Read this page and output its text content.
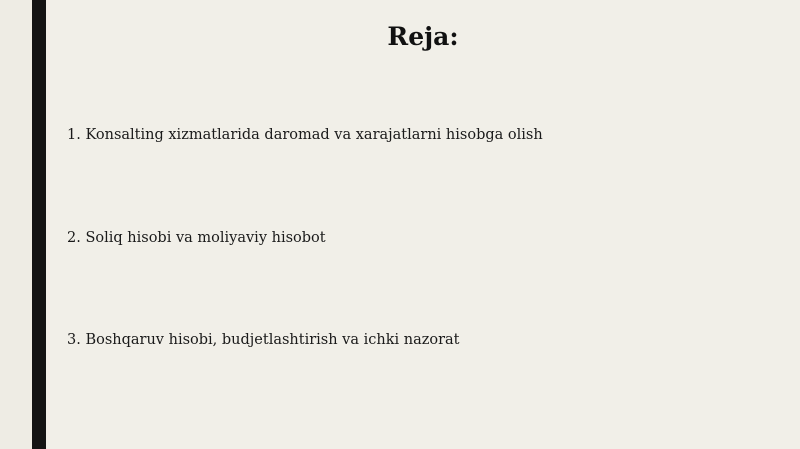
Reja:
1. Konsalting xizmatlarida daromad va xarajatlarni hisobga olish
2. Soliq hisobi va moliyaviy hisobot
3. Boshqaruv hisobi, budjetlashtirish va ichki nazorat
